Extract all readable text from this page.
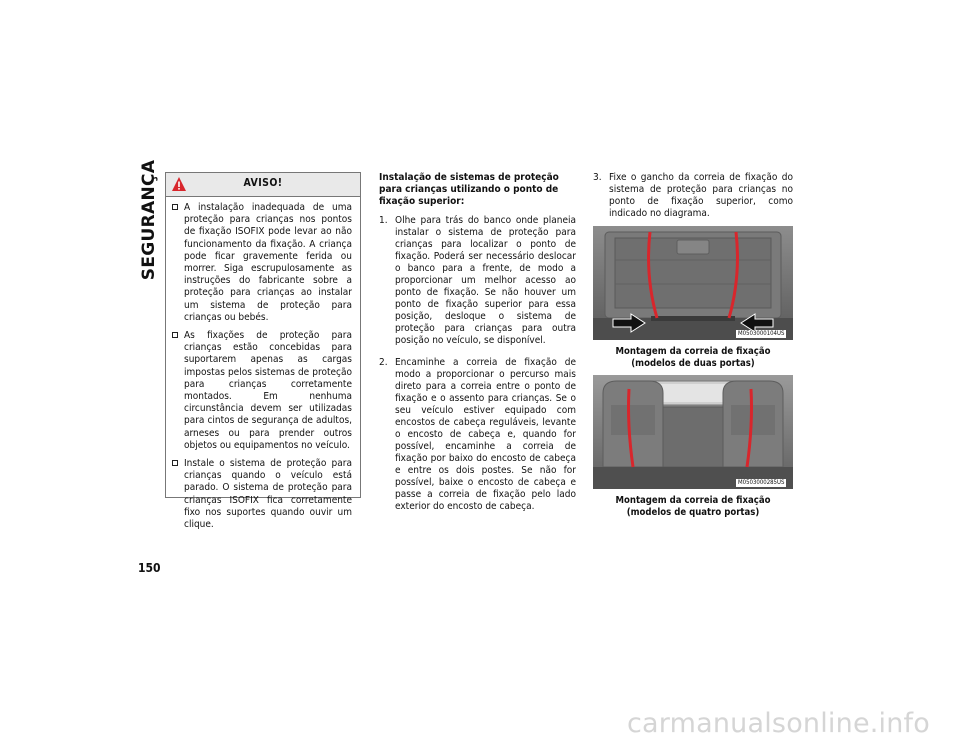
SEGURANÇA	AVISO!
A instalação inadequada de uma proteção para crianças nos pontos de fixação ISOFIX pode levar ao não funcionamento da fixação. A criança pode ficar gravemente ferida ou morrer. Siga escrupulosamente as instruções do fabricante sobre a proteção para crianças ao instalar um sistema de proteção para crianças ou bebés.
As fixações de proteção para crianças estão concebidas para suportarem apenas as cargas impostas pelos sistemas de proteção para crianças corretamente montados. Em nenhuma circunstância devem ser utilizadas para cintos de segurança de adultos, arneses ou para prender outros objetos ou equipamentos no veículo.
Instale o sistema de proteção para crianças quando o veículo está parado. O sistema de proteção para crianças ISOFIX fica corretamente fixo nos suportes quando ouvir um clique.

Instalação de sistemas de proteção para crianças utilizando o ponto de fixação superior:

1. Olhe para trás do banco onde planeia instalar o sistema de proteção para crianças para localizar o ponto de fixação. Poderá ser necessário deslocar o banco para a frente, de modo a proporcionar um melhor acesso ao ponto de fixação. Se não houver um ponto de fixação superior para essa posição, desloque o sistema de proteção para crianças para outra posição no veículo, se disponível.
2. Encaminhe a correia de fixação de modo a proporcionar o percurso mais direto para a correia entre o ponto de fixação e o assento para crianças. Se o seu veículo estiver equipado com encostos de cabeça reguláveis, levante o encosto de cabeça e, quando for possível, encaminhe a correia de fixação por baixo do encosto de cabeça e entre os dois postes. Se não for possível, baixe o encosto de cabeça e passe a correia de fixação pelo lado exterior do encosto de cabeça.
3. Fixe o gancho da correia de fixação do sistema de proteção para crianças no ponto de fixação superior, como indicado no diagrama.
M0503000104US

Montagem da correia de fixação (modelos de duas portas)

M0503000285US

Montagem da correia de fixação (modelos de quatro portas)

150
carmanualsonline.info
